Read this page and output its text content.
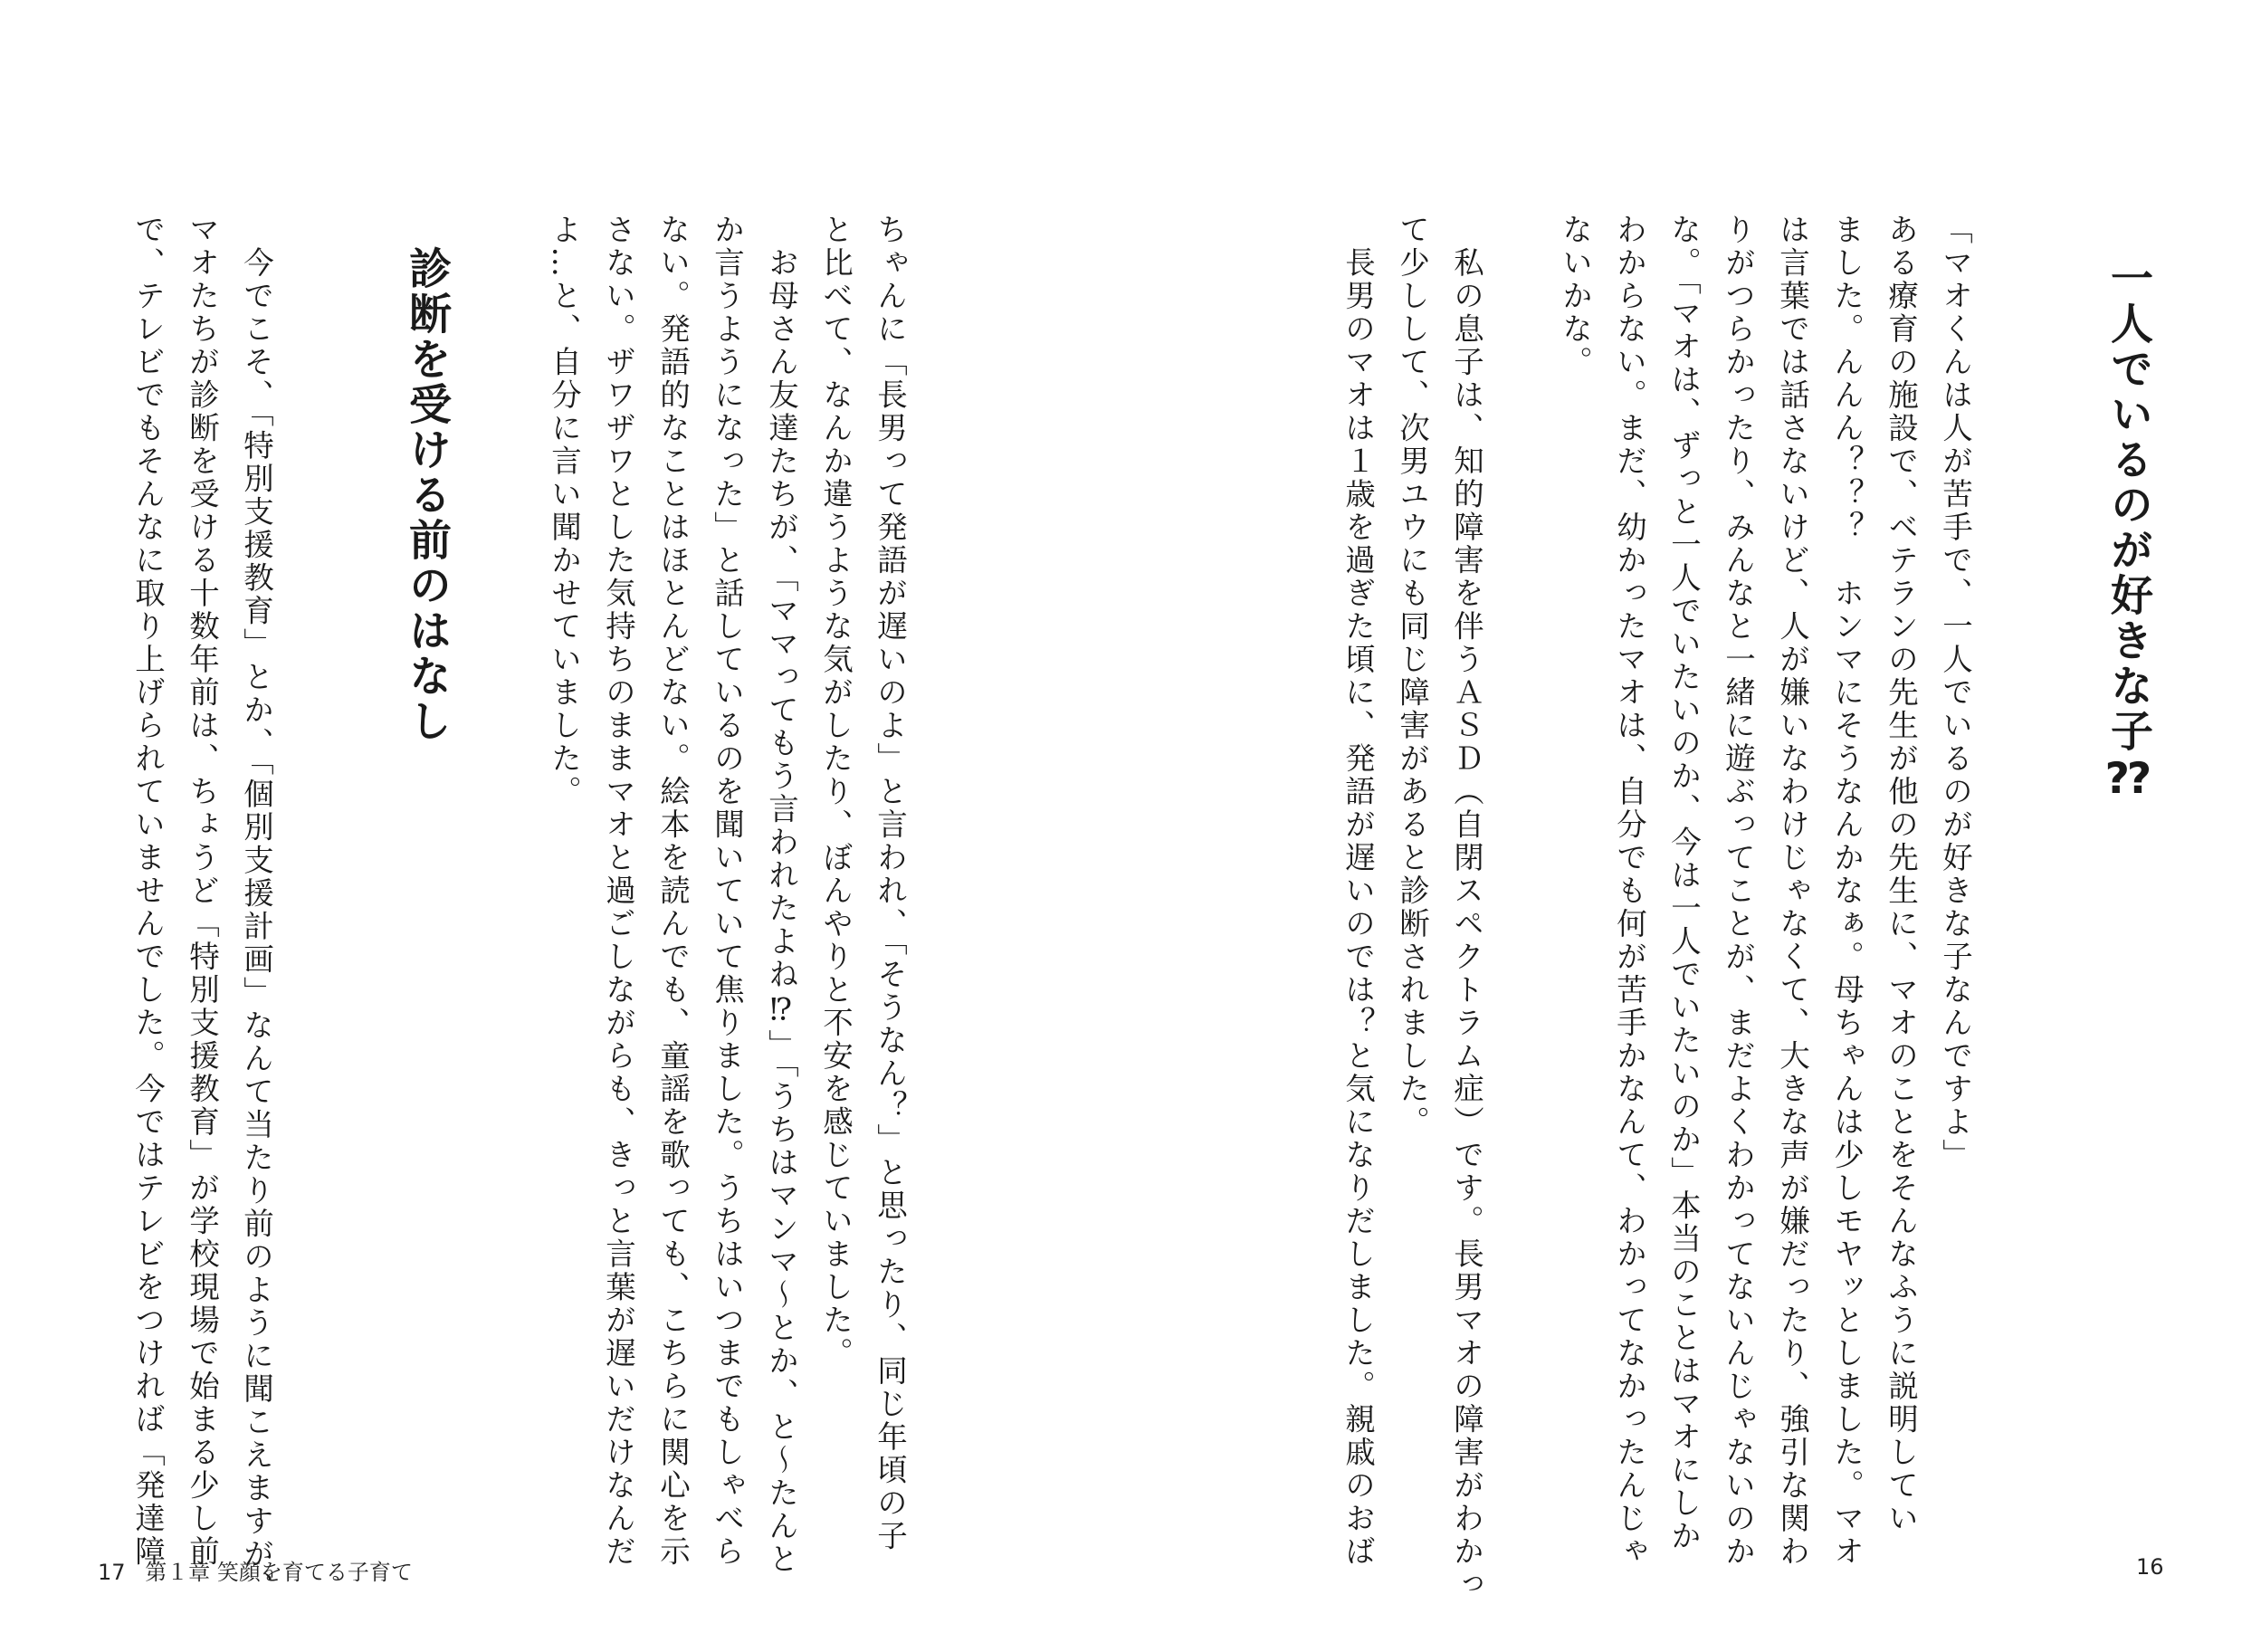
一人でいるのが好きな子⁇
「マオくんは人が苦手で、一人でいるのが好きな子なんですよ」
ある療育の施設で、ベテランの先生が他の先生に、マオのことをそんなふうに説明してい
ました。んんん？？？　ホンマにそうなんかなぁ。母ちゃんは少しモヤッとしました。マオ
は言葉では話さないけど、人が嫌いなわけじゃなくて、大きな声が嫌だったり、強引な関わ
りがつらかったり、みんなと一緒に遊ぶってことが、まだよくわかってないんじゃないのか
な。「マオは、ずっと一人でいたいのか、今は一人でいたいのか」本当のことはマオにしか
わからない。まだ、幼かったマオは、自分でも何が苦手かなんて、わかってなかったんじゃ
ないかな。
　私の息子は、知的障害を伴うＡＳＤ（自閉スペクトラム症）です。長男マオの障害がわかっ
て少しして、次男ユウにも同じ障害があると診断されました。
　長男のマオは１歳を過ぎた頃に、発語が遅いのでは？と気になりだしました。親戚のおば
ちゃんに「長男って発語が遅いのよ」と言われ、「そうなん？」と思ったり、同じ年頃の子
と比べて、なんか違うような気がしたり、ぼんやりと不安を感じていました。
　お母さん友達たちが、「ママってもう言われたよね⁉」「うちはマンマ～とか、と～たんと
か言うようになった」と話しているのを聞いていて焦りました。うちはいつまでもしゃべら
ない。発語的なことはほとんどない。絵本を読んでも、童謡を歌っても、こちらに関心を示
さない。ザワザワとした気持ちのままマオと過ごしながらも、きっと言葉が遅いだけなんだ
よ…と、自分に言い聞かせていました。
診断を受ける前のはなし
　今でこそ、「特別支援教育」とか、「個別支援計画」なんて当たり前のように聞こえますが、
マオたちが診断を受ける十数年前は、ちょうど「特別支援教育」が学校現場で始まる少し前
で、テレビでもそんなに取り上げられていませんでした。今ではテレビをつければ「発達障
17 第１章 笑顔を育てる子育て	16
